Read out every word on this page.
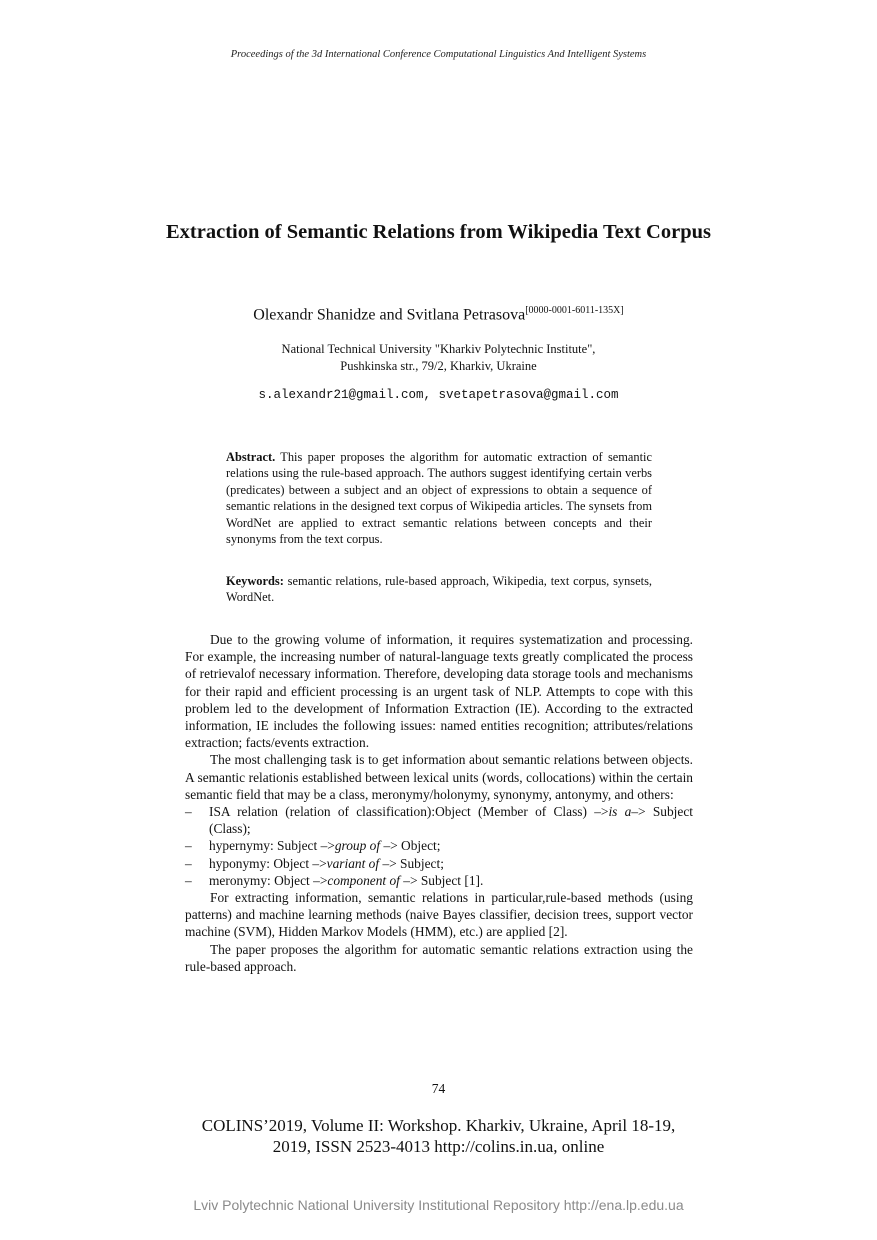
Proceedings of the 3d International Conference Computational Linguistics And Intelligent Systems
Extraction of Semantic Relations from Wikipedia Text Corpus
Olexandr Shanidze and Svitlana Petrasova[0000-0001-6011-135X]
National Technical University "Kharkiv Polytechnic Institute",
Pushkinska str., 79/2, Kharkiv, Ukraine
s.alexandr21@gmail.com, svetapetrasova@gmail.com
Abstract. This paper proposes the algorithm for automatic extraction of semantic relations using the rule-based approach. The authors suggest identifying certain verbs (predicates) between a subject and an object of expressions to obtain a sequence of semantic relations in the designed text corpus of Wikipedia articles. The synsets from WordNet are applied to extract semantic relations between concepts and their synonyms from the text corpus.
Keywords: semantic relations, rule-based approach, Wikipedia, text corpus, synsets, WordNet.

Due to the growing volume of information, it requires systematization and processing. For example, the increasing number of natural-language texts greatly complicated the process of retrievalof necessary information. Therefore, developing data storage tools and mechanisms for their rapid and efficient processing is an urgent task of NLP. Attempts to cope with this problem led to the development of Information Extraction (IE). According to the extracted information, IE includes the following issues: named entities recognition; attributes/relations extraction; facts/events extraction.

The most challenging task is to get information about semantic relations between objects. A semantic relationis established between lexical units (words, collocations) within the certain semantic field that may be a class, meronymy/holonymy, synonymy, antonymy, and others:

– ISA relation (relation of classification):Object (Member of Class) –>is a–> Subject (Class);
– hypernymy: Subject –>group of –> Object;
– hyponymy: Object –>variant of –> Subject;
– meronymy: Object –>component of –> Subject [1].

For extracting information, semantic relations in particular,rule-based methods (using patterns) and machine learning methods (naive Bayes classifier, decision trees, support vector machine (SVM), Hidden Markov Models (HMM), etc.) are applied [2].

The paper proposes the algorithm for automatic semantic relations extraction using the rule-based approach.

74
COLINS’2019, Volume II: Workshop. Kharkiv, Ukraine, April 18-19,
2019, ISSN 2523-4013 http://colins.in.ua, online
Lviv Polytechnic National University Institutional Repository http://ena.lp.edu.ua
